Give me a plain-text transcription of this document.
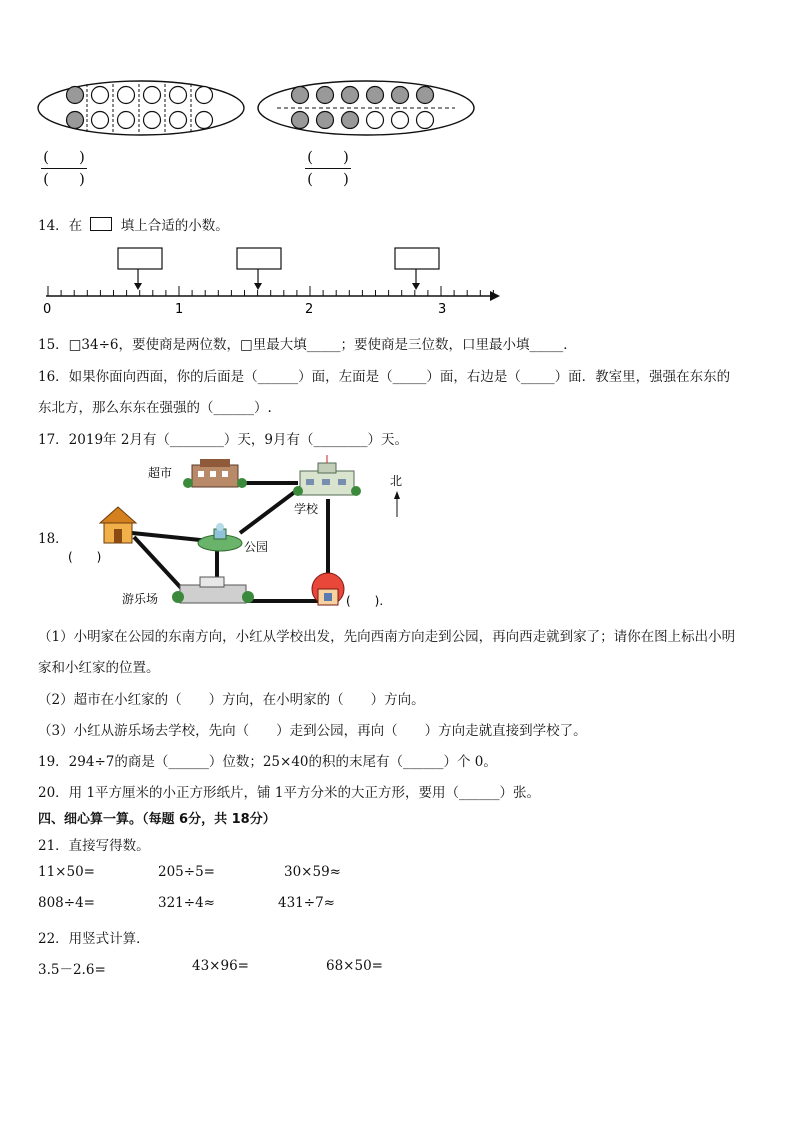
(　　)
(　　)
(　　)
(　　)
14．在	填上合适的小数。
0	1	2	3
15．□34÷6，要使商是两位数，□里最大填_____；要使商是三位数，口里最小填_____．
16．如果你面向西面，你的后面是（______）面，左面是（_____）面，右边是（_____）面．教室里，强强在东东的
东北方，那么东东在强强的（______）.
17．2019年 2月有（________）天，9月有（________）天。
18．
超市
学校
公园
(　　)
游乐场	(　　).
北
（1）小明家在公园的东南方向，小红从学校出发，先向西南方向走到公园，再向西走就到家了；请你在图上标出小明
家和小红家的位置。
（2）超市在小红家的（　　）方向，在小明家的（　　）方向。
（3）小红从游乐场去学校，先向（　　）走到公园，再向（　　）方向走就直接到学校了。
19．294÷7的商是（______）位数；25×40的积的末尾有（______）个 0。
20．用 1平方厘米的小正方形纸片，铺 1平方分米的大正方形，要用（______）张。
四、细心算一算。（每题 6分，共 18分）
21．直接写得数。
11×50=	205÷5=	30×59≈
808÷4=	321÷4≈	431÷7≈
22．用竖式计算．
3.5－2.6=	43×96=	68×50=
